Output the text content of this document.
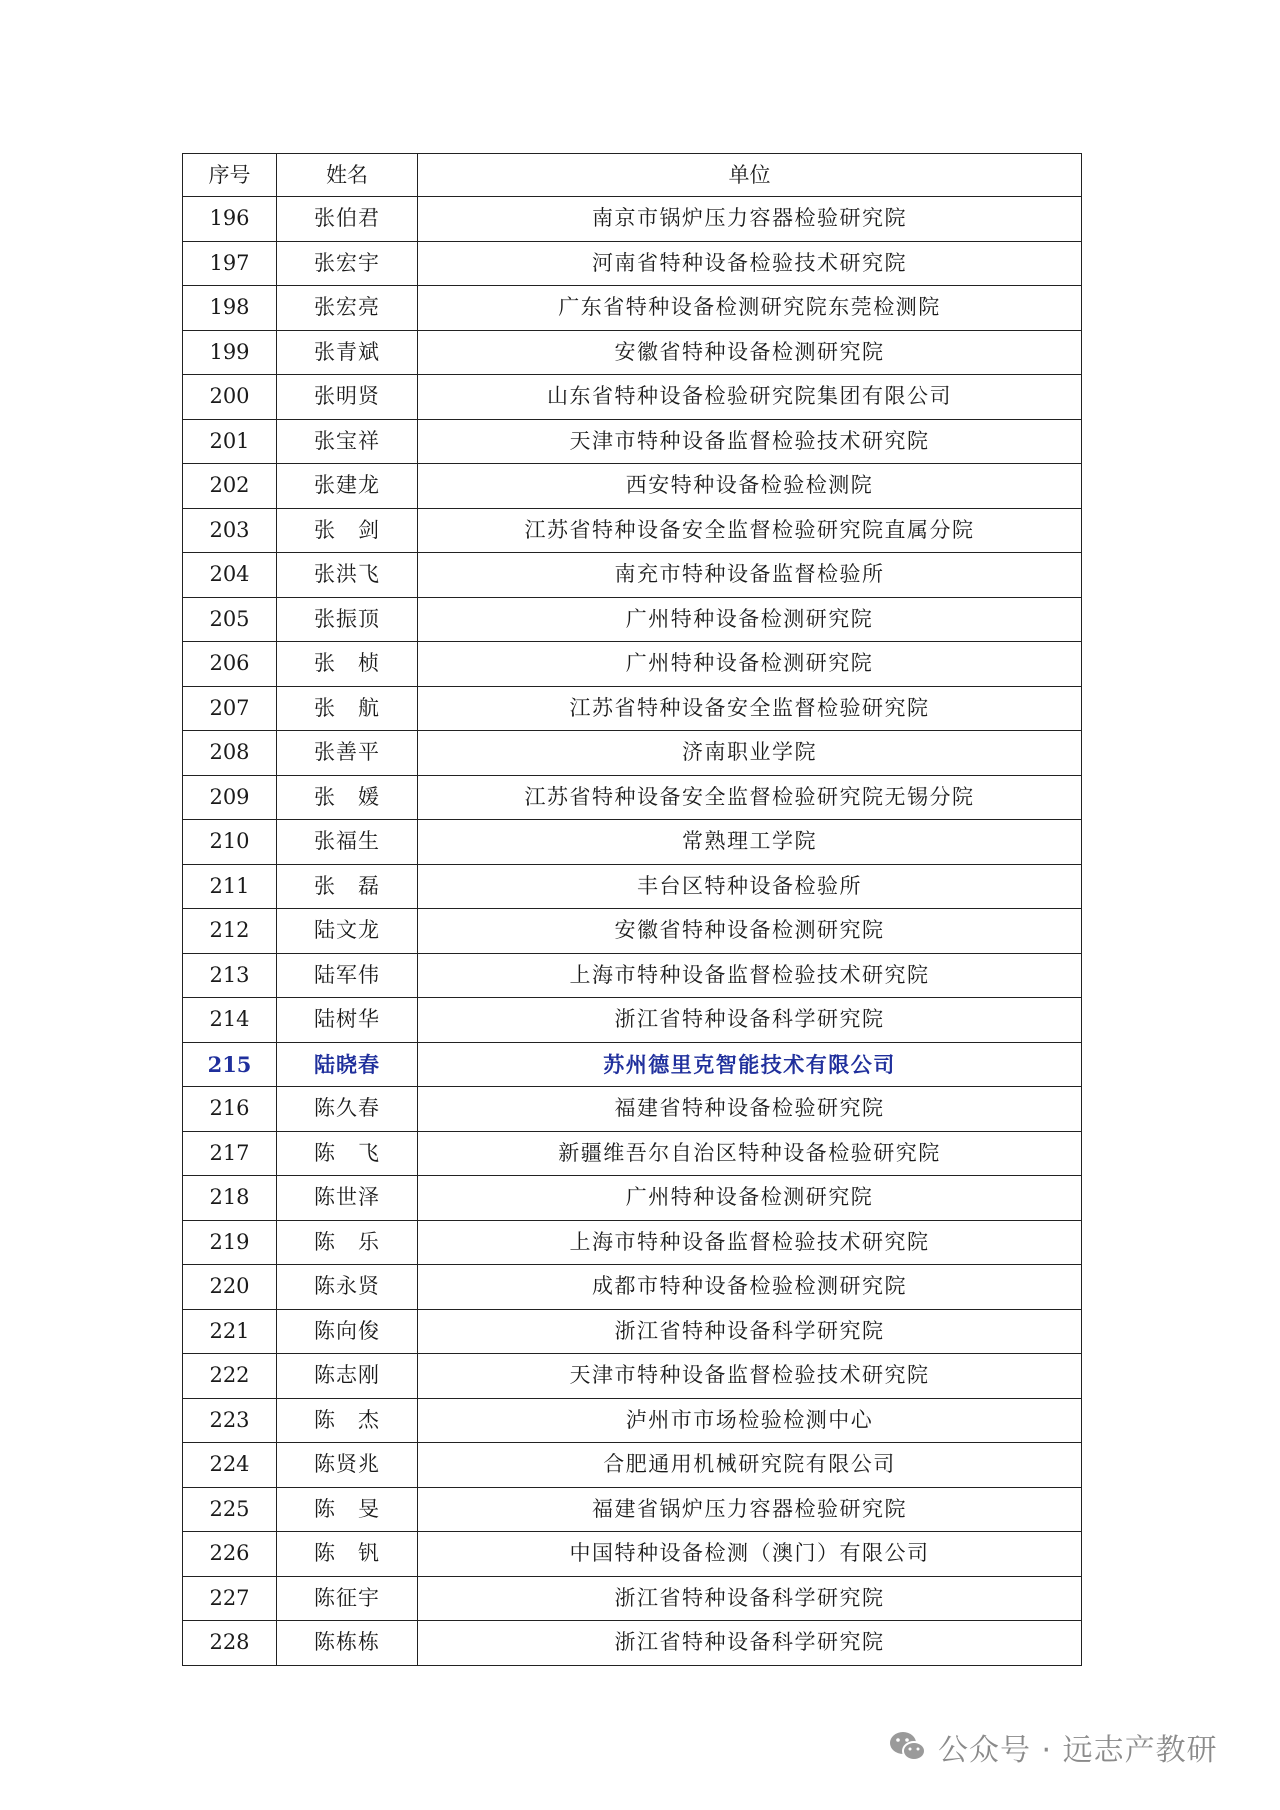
序号	姓名	单位
196	张伯君	南京市锅炉压力容器检验研究院
197	张宏宇	河南省特种设备检验技术研究院
198	张宏亮	广东省特种设备检测研究院东莞检测院
199	张青斌	安徽省特种设备检测研究院
200	张明贤	山东省特种设备检验研究院集团有限公司
201	张宝祥	天津市特种设备监督检验技术研究院
202	张建龙	西安特种设备检验检测院
203	张　剑	江苏省特种设备安全监督检验研究院直属分院
204	张洪飞	南充市特种设备监督检验所
205	张振顶	广州特种设备检测研究院
206	张　桢	广州特种设备检测研究院
207	张　航	江苏省特种设备安全监督检验研究院
208	张善平	济南职业学院
209	张　媛	江苏省特种设备安全监督检验研究院无锡分院
210	张福生	常熟理工学院
211	张　磊	丰台区特种设备检验所
212	陆文龙	安徽省特种设备检测研究院
213	陆军伟	上海市特种设备监督检验技术研究院
214	陆树华	浙江省特种设备科学研究院
215	陆晓春	苏州德里克智能技术有限公司
216	陈久春	福建省特种设备检验研究院
217	陈　飞	新疆维吾尔自治区特种设备检验研究院
218	陈世泽	广州特种设备检测研究院
219	陈　乐	上海市特种设备监督检验技术研究院
220	陈永贤	成都市特种设备检验检测研究院
221	陈向俊	浙江省特种设备科学研究院
222	陈志刚	天津市特种设备监督检验技术研究院
223	陈　杰	泸州市市场检验检测中心
224	陈贤兆	合肥通用机械研究院有限公司
225	陈　旻	福建省锅炉压力容器检验研究院
226	陈　钒	中国特种设备检测（澳门）有限公司
227	陈征宇	浙江省特种设备科学研究院
228	陈栋栋	浙江省特种设备科学研究院
公众号 · 远志产教研
